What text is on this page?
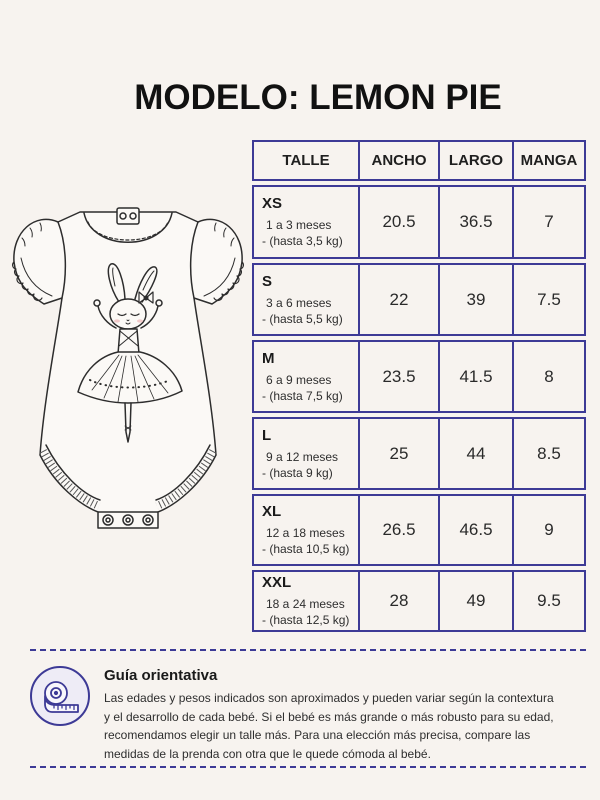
MODELO: LEMON PIE
TALLE	ANCHO	LARGO	MANGA
XS
1 a 3 meses
- (hasta 3,5 kg)
20.5	36.5	7
S
3 a 6 meses
- (hasta 5,5 kg)
22	39	7.5
M
6 a 9 meses
- (hasta 7,5 kg)
23.5	41.5	8
L
9 a 12 meses
- (hasta 9 kg)
25	44	8.5
XL
12 a 18 meses
- (hasta 10,5 kg)
26.5	46.5	9
XXL
18 a 24 meses
- (hasta 12,5 kg)
28	49	9.5
Guía orientativa
Las edades y pesos indicados son aproximados y pueden variar según la contextura
y el desarrollo de cada bebé. Si el bebé es más grande o más robusto para su edad,
recomendamos elegir un talle más. Para una elección más precisa, compare las
medidas de la prenda con otra que le quede cómoda al bebé.
